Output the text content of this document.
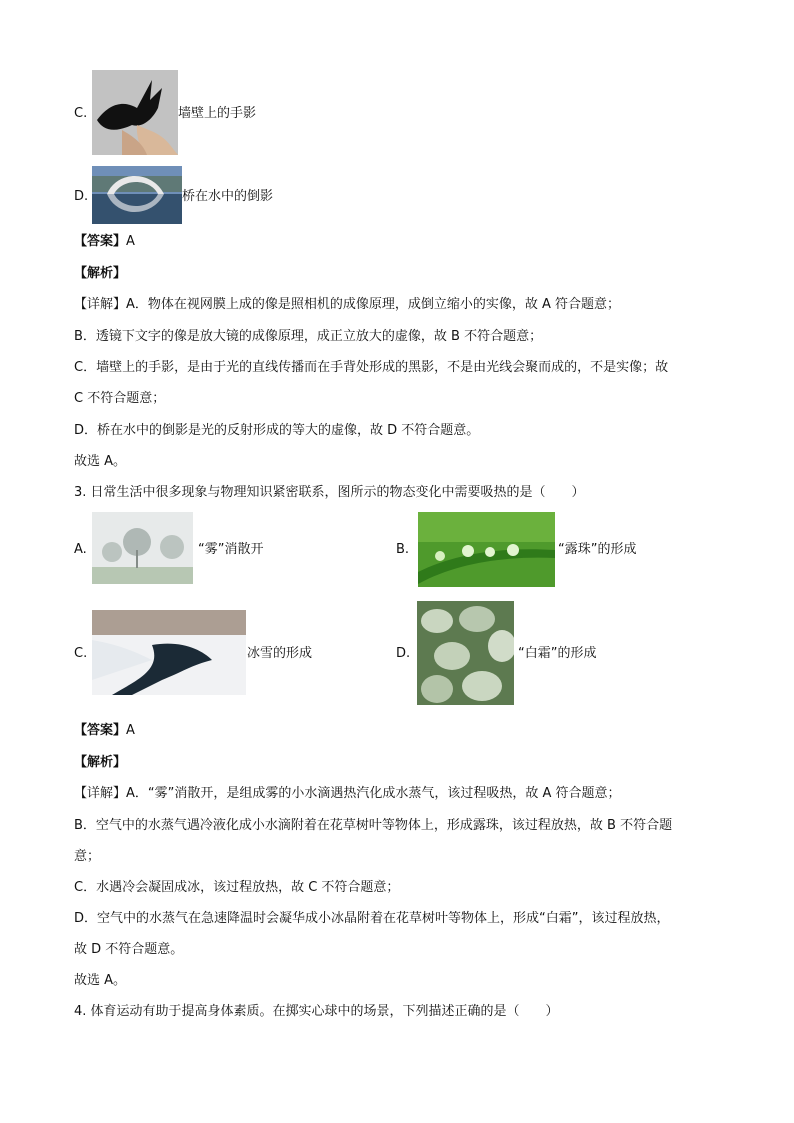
C.	墙壁上的手影
D.	桥在水中的倒影
【答案】A
【解析】
【详解】A．物体在视网膜上成的像是照相机的成像原理，成倒立缩小的实像，故 A 符合题意；
B．透镜下文字的像是放大镜的成像原理，成正立放大的虚像，故 B 不符合题意；
C．墙壁上的手影，是由于光的直线传播而在手背处形成的黑影，不是由光线会聚而成的，不是实像；故
C 不符合题意；
D．桥在水中的倒影是光的反射形成的等大的虚像，故 D 不符合题意。
故选 A。
3. 日常生活中很多现象与物理知识紧密联系，图所示的物态变化中需要吸热的是（　　）
A.	“雾”消散开	B.	“露珠”的形成
C.	冰雪的形成	D.	“白霜”的形成
【答案】A
【解析】
【详解】A．“雾”消散开，是组成雾的小水滴遇热汽化成水蒸气，该过程吸热，故 A 符合题意；
B．空气中的水蒸气遇冷液化成小水滴附着在花草树叶等物体上，形成露珠，该过程放热，故 B 不符合题
意；
C．水遇冷会凝固成冰，该过程放热，故 C 不符合题意；
D．空气中的水蒸气在急速降温时会凝华成小冰晶附着在花草树叶等物体上，形成“白霜”，该过程放热，
故 D 不符合题意。
故选 A。
4. 体育运动有助于提高身体素质。在掷实心球中的场景，下列描述正确的是（　　）
